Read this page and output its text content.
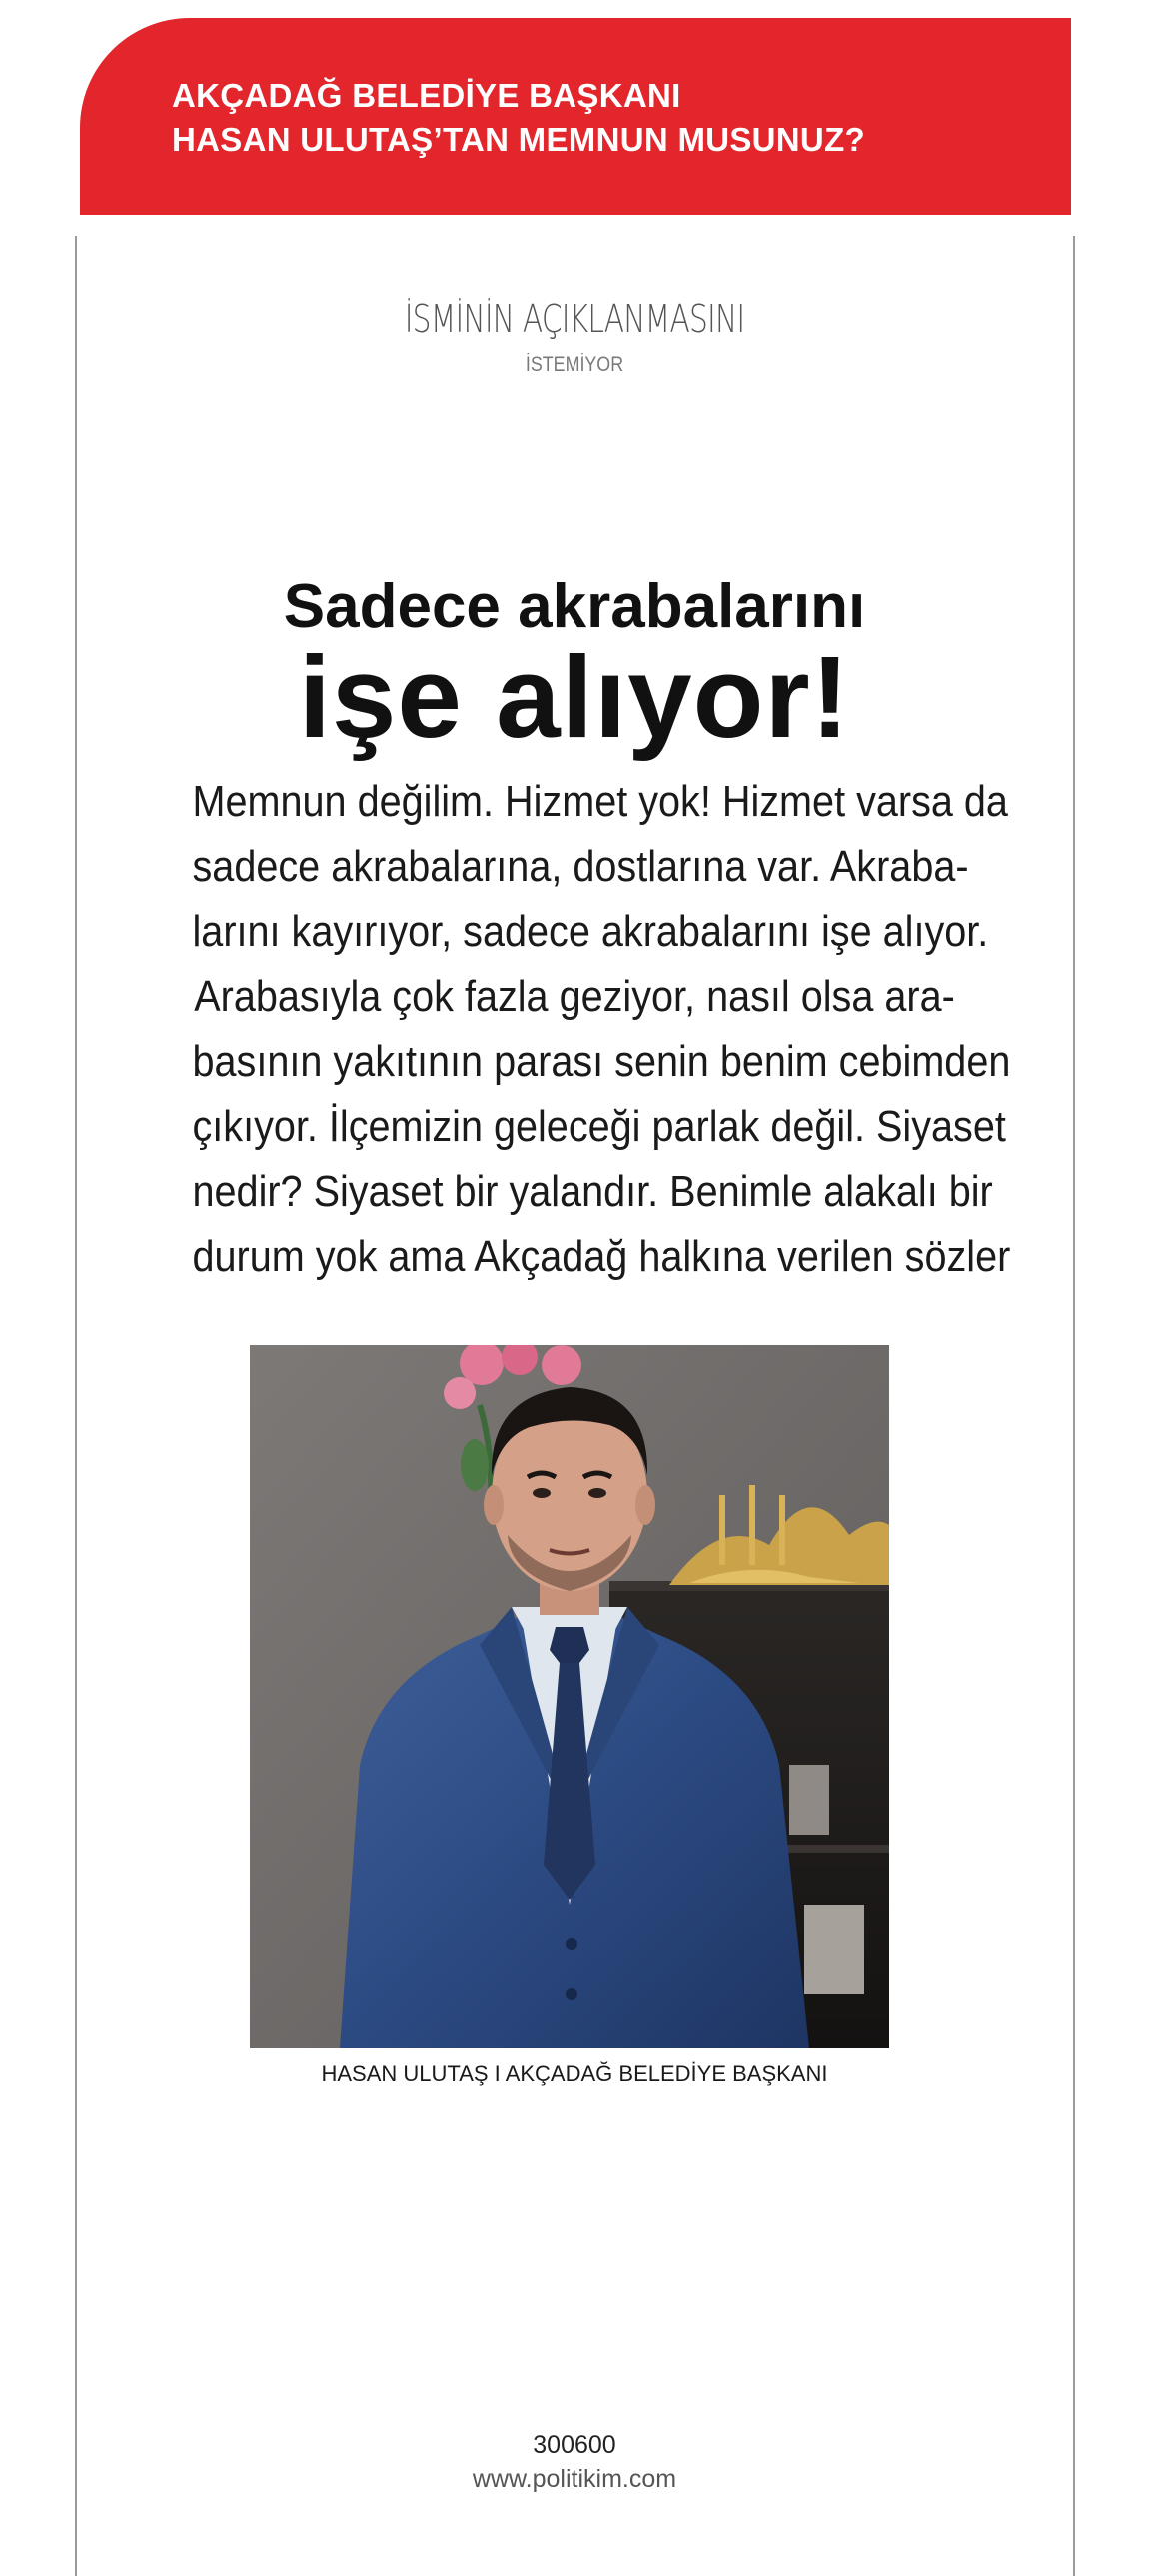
AKÇADAĞ BELEDİYE BAŞKANI
HASAN ULUTAŞ’TAN MEMNUN MUSUNUZ?
İSMİNİN AÇIKLANMASINI
İSTEMİYOR
Sadece akrabalarını
işe alıyor!
Memnun değilim. Hizmet yok! Hizmet varsa da
sadece akrabalarına, dostlarına var. Akraba-
larını kayırıyor, sadece akrabalarını işe alıyor.
Arabasıyla çok fazla geziyor, nasıl olsa ara-
basının yakıtının parası senin benim cebimden
çıkıyor. İlçemizin geleceği parlak değil. Siyaset
nedir? Siyaset bir yalandır. Benimle alakalı bir
durum yok ama Akçadağ halkına verilen sözler
HASAN ULUTAŞ I AKÇADAĞ BELEDİYE BAŞKANI
300600
www.politikim.com
